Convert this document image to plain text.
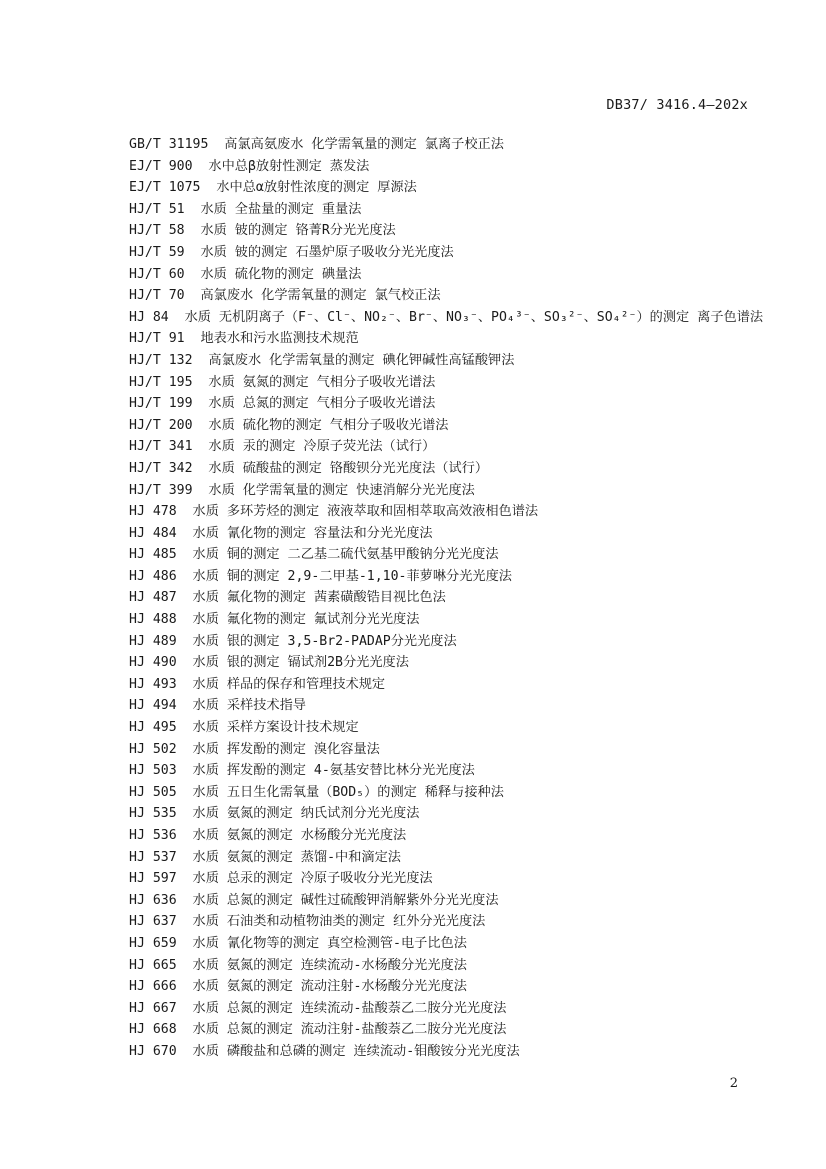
DB37/ 3416.4—202x
GB/T 31195 高氯高氨废水 化学需氧量的测定 氯离子校正法
EJ/T 900 水中总β放射性测定 蒸发法
EJ/T 1075 水中总α放射性浓度的测定 厚源法
HJ/T 51 水质 全盐量的测定 重量法
HJ/T 58 水质 铍的测定 铬菁R分光光度法
HJ/T 59 水质 铍的测定 石墨炉原子吸收分光光度法
HJ/T 60 水质 硫化物的测定 碘量法
HJ/T 70 高氯废水 化学需氧量的测定 氯气校正法
HJ 84 水质 无机阴离子（F⁻、Cl⁻、NO₂⁻、Br⁻、NO₃⁻、PO₄³⁻、SO₃²⁻、SO₄²⁻）的测定 离子色谱法
HJ/T 91 地表水和污水监测技术规范
HJ/T 132 高氯废水 化学需氧量的测定 碘化钾碱性高锰酸钾法
HJ/T 195 水质 氨氮的测定 气相分子吸收光谱法
HJ/T 199 水质 总氮的测定 气相分子吸收光谱法
HJ/T 200 水质 硫化物的测定 气相分子吸收光谱法
HJ/T 341 水质 汞的测定 冷原子荧光法（试行）
HJ/T 342 水质 硫酸盐的测定 铬酸钡分光光度法（试行）
HJ/T 399 水质 化学需氧量的测定 快速消解分光光度法
HJ 478 水质 多环芳烃的测定 液液萃取和固相萃取高效液相色谱法
HJ 484 水质 氰化物的测定 容量法和分光光度法
HJ 485 水质 铜的测定 二乙基二硫代氨基甲酸钠分光光度法
HJ 486 水质 铜的测定 2,9-二甲基-1,10-菲萝啉分光光度法
HJ 487 水质 氟化物的测定 茜素磺酸锆目视比色法
HJ 488 水质 氟化物的测定 氟试剂分光光度法
HJ 489 水质 银的测定 3,5-Br2-PADAP分光光度法
HJ 490 水质 银的测定 镉试剂2B分光光度法
HJ 493 水质 样品的保存和管理技术规定
HJ 494 水质 采样技术指导
HJ 495 水质 采样方案设计技术规定
HJ 502 水质 挥发酚的测定 溴化容量法
HJ 503 水质 挥发酚的测定 4-氨基安替比林分光光度法
HJ 505 水质 五日生化需氧量（BOD₅）的测定 稀释与接种法
HJ 535 水质 氨氮的测定 纳氏试剂分光光度法
HJ 536 水质 氨氮的测定 水杨酸分光光度法
HJ 537 水质 氨氮的测定 蒸馏-中和滴定法
HJ 597 水质 总汞的测定 冷原子吸收分光光度法
HJ 636 水质 总氮的测定 碱性过硫酸钾消解紫外分光光度法
HJ 637 水质 石油类和动植物油类的测定 红外分光光度法
HJ 659 水质 氰化物等的测定 真空检测管-电子比色法
HJ 665 水质 氨氮的测定 连续流动-水杨酸分光光度法
HJ 666 水质 氨氮的测定 流动注射-水杨酸分光光度法
HJ 667 水质 总氮的测定 连续流动-盐酸萘乙二胺分光光度法
HJ 668 水质 总氮的测定 流动注射-盐酸萘乙二胺分光光度法
HJ 670 水质 磷酸盐和总磷的测定 连续流动-钼酸铵分光光度法
2
